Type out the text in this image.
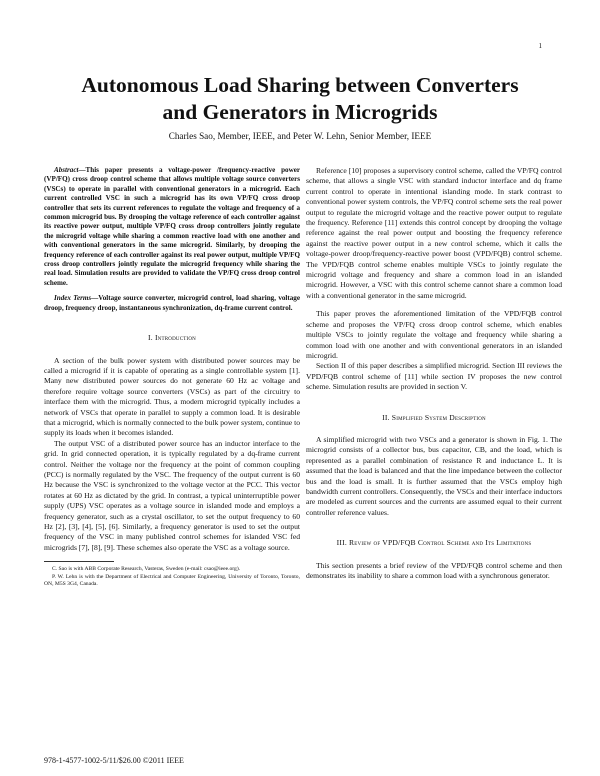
1
Autonomous Load Sharing between Converters
and Generators in Microgrids
Charles Sao, Member, IEEE, and Peter W. Lehn, Senior Member, IEEE

Abstract—This paper presents a voltage-power /frequency-reactive power (VP/FQ) cross droop control scheme that allows multiple voltage source converters (VSCs) to operate in parallel with conventional generators in a microgrid. Each current controlled VSC in such a microgrid has its own VP/FQ cross droop controller that sets its current references to regulate the voltage and frequency of a common microgrid bus. By drooping the voltage reference of each controller against its reactive power output, multiple VP/FQ cross droop controllers jointly regulate the microgrid voltage while sharing a common reactive load with one another and with conventional generators in the same microgrid. Similarly, by drooping the frequency reference of each controller against its real power output, multiple VP/FQ cross droop controllers jointly regulate the microgrid frequency while sharing the real load. Simulation results are provided to validate the VP/FQ cross droop control scheme.

Index Terms—Voltage source converter, microgrid control, load sharing, voltage droop, frequency droop, instantaneous synchronization, dq-frame current control.

I. Introduction

A section of the bulk power system with distributed power sources may be called a microgrid if it is capable of operating as a single controllable system [1]. Many new distributed power sources do not generate 60 Hz ac voltage and therefore require voltage source converters (VSCs) as part of the circuitry to interface them with the microgrid. Thus, a modern microgrid typically includes a network of VSCs that operate in parallel to supply a common load. It is desirable that a microgrid, which is normally connected to the bulk power system, continue to supply its loads when it becomes islanded.

The output VSC of a distributed power source has an inductor interface to the grid. In grid connected operation, it is typically regulated by a dq-frame current control. Neither the voltage nor the frequency at the point of common coupling (PCC) is normally regulated by the VSC. The frequency of the output current is 60 Hz because the VSC is synchronized to the voltage vector at the PCC. This vector rotates at 60 Hz as dictated by the grid. In contrast, a typical uninterruptible power supply (UPS) VSC operates as a voltage source in islanded mode and employs a frequency generator, such as a crystal oscillator, to set the output frequency to 60 Hz [2], [3], [4], [5], [6]. Similarly, a frequency generator is used to set the output frequency of the VSC in many published control schemes for islanded VSC fed microgrids [7], [8], [9]. These schemes also operate the VSC as a voltage source.

C. Sao is with ABB Corporate Research, Vasteras, Sweden (e-mail: csao@ieee.org).

P. W. Lehn is with the Department of Electrical and Computer Engineering, University of Toronto, Toronto, ON, M5S 3G4, Canada.

Reference [10] proposes a supervisory control scheme, called the VP/FQ control scheme, that allows a single VSC with standard inductor interface and dq frame current control to operate in intentional islanding mode. In stark contrast to conventional power system controls, the VP/FQ control scheme sets the real power output to regulate the microgrid voltage and the reactive power output to regulate the frequency. Reference [11] extends this control concept by drooping the voltage reference against the real power output and boosting the frequency reference against the reactive power output in a new control scheme, which it calls the voltage-power droop/frequency-reactive power boost (VPD/FQB) control scheme. The VPD/FQB control scheme enables multiple VSCs to jointly regulate the microgrid voltage and frequency and share a common load in an islanded microgrid. However, a VSC with this control scheme cannot share a common load with a conventional generator in the same microgrid.

This paper proves the aforementioned limitation of the VPD/FQB control scheme and proposes the VP/FQ cross droop control scheme, which enables multiple VSCs to jointly regulate the voltage and frequency while sharing a common load with one another and with conventional generators in an islanded microgrid.

Section II of this paper describes a simplified microgrid. Section III reviews the VPD/FQB control scheme of [11] while section IV proposes the new control scheme. Simulation results are provided in section V.

II. Simplified System Description

A simplified microgrid with two VSCs and a generator is shown in Fig. 1. The microgrid consists of a collector bus, bus capacitor, CB, and the load, which is represented as a parallel combination of resistance R and inductance L. It is assumed that the load is balanced and that the line impedance between the collector bus and the load is small. It is further assumed that the VSCs employ high bandwidth current controllers. Consequently, the VSCs and their interface inductors are modeled as current sources and the currents are assumed equal to their current controller reference values.

III. Review of VPD/FQB Control Scheme and Its Limitations

This section presents a brief review of the VPD/FQB control scheme and then demonstrates its inability to share a common load with a synchronous generator.

978-1-4577-1002-5/11/$26.00 ©2011 IEEE
